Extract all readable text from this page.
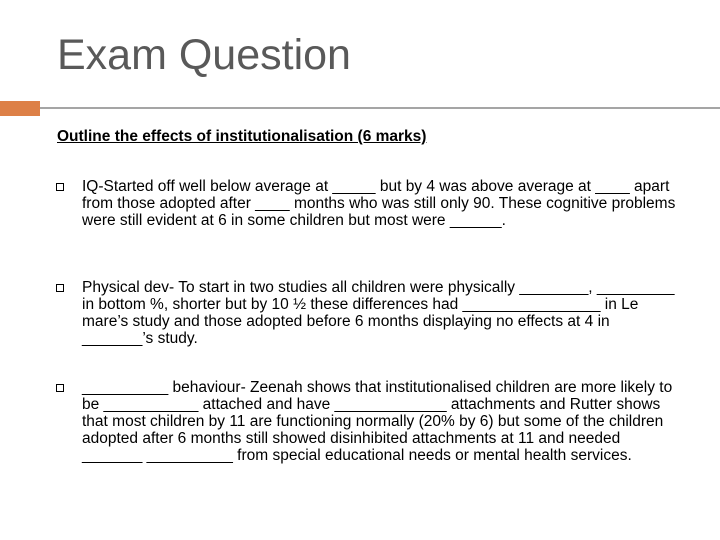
Exam Question

Outline the effects of institutionalisation (6 marks)

IQ-Started off well below average at _____ but by 4 was above average at ____ apart from those adopted after ____ months who was still only 90. These cognitive problems were still evident at 6 in some children but most were ______.
Physical dev- To start in two studies all children were physically ________, _________ in bottom %, shorter but by 10 ½ these differences had ________________ in Le mare’s study and those adopted before 6 months displaying no effects at 4 in _______’s study.
__________ behaviour- Zeenah shows that institutionalised children are more likely to be ___________ attached and have _____________ attachments and Rutter shows that most children by 11 are functioning normally (20% by 6) but some of the children adopted after 6 months still showed disinhibited attachments at 11 and needed _______ __________ from special educational needs or mental health services.
